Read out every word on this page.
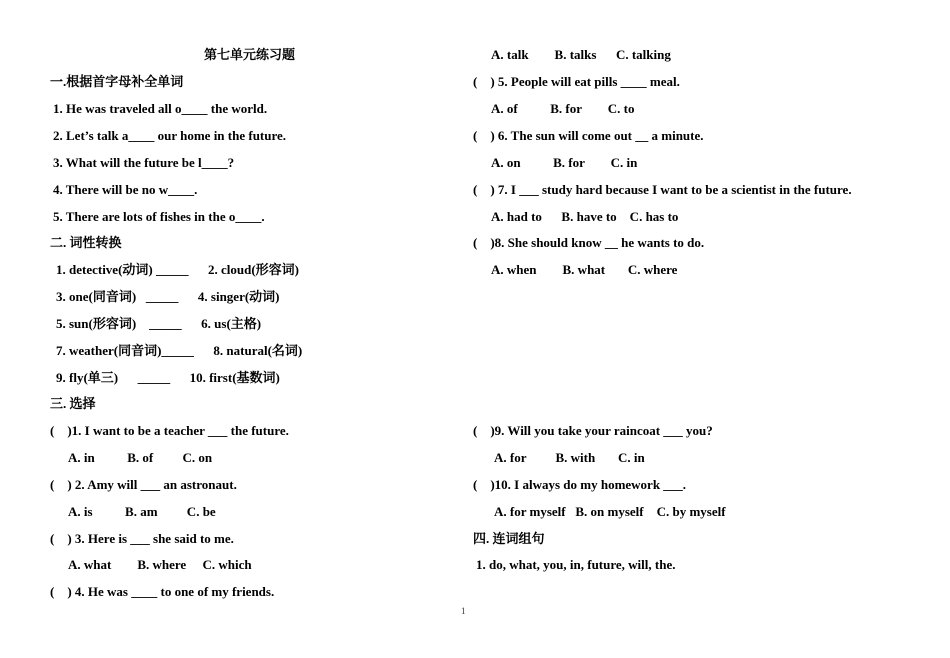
第七单元练习题
一.根据首字母补全单词
1. He was traveled all o____ the world.
2. Let’s talk a____ our home in the future.
3. What will the future be l____?
4. There will be no w____.
5. There are lots of fishes in the o____.
二. 词性转换
1. detective(动词) _____      2. cloud(形容词)
3. one(同音词)   _____      4. singer(动词)
5. sun(形容词)    _____      6. us(主格)
7. weather(同音词)_____      8. natural(名词)
9. fly(单三)      _____      10. first(基数词)
三. 选择
(    )1. I want to be a teacher ___ the future.
A. in          B. of         C. on
(    ) 2. Amy will ___ an astronaut.
A. is          B. am         C. be
(    ) 3. Here is ___ she said to me.
A. what        B. where     C. which
(    ) 4. He was ____ to one of my friends.
A. talk        B. talks      C. talking
(    ) 5. People will eat pills ____ meal.
A. of          B. for        C. to
(    ) 6. The sun will come out __ a minute.
A. on          B. for        C. in
(    ) 7. I ___ study hard because I want to be a scientist in the future.
A. had to      B. have to    C. has to
(    )8. She should know __ he wants to do.
A. when        B. what       C. where
(    )9. Will you take your raincoat ___ you?
A. for         B. with       C. in
(    )10. I always do my homework ___.
A. for myself   B. on myself    C. by myself
四. 连词组句
1. do, what, you, in, future, will, the.
1
